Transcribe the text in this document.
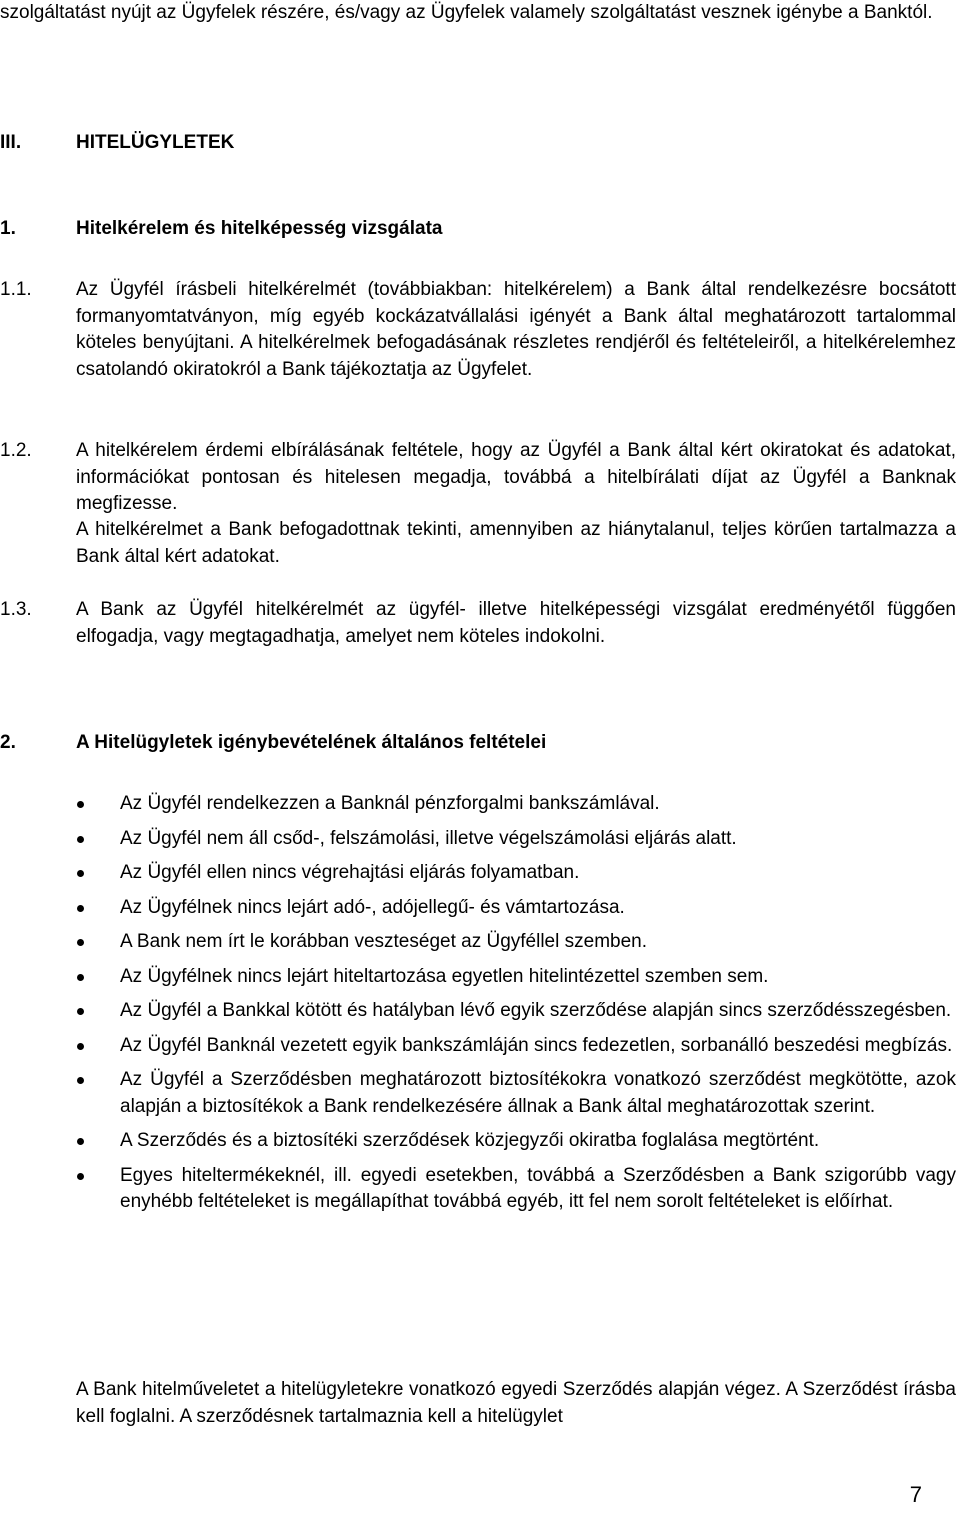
szolgáltatást nyújt az Ügyfelek részére, és/vagy az Ügyfelek valamely szolgáltatást vesznek igénybe a Banktól.
III.	HITELÜGYLETEK
1.	Hitelkérelem és hitelképesség vizsgálata
1.1. Az Ügyfél írásbeli hitelkérelmét (továbbiakban: hitelkérelem) a Bank által rendelkezésre bocsátott formanyomtatványon, míg egyéb kockázatvállalási igényét a Bank által meghatározott tartalommal köteles benyújtani. A hitelkérelmek befogadásának részletes rendjéről és feltételeiről, a hitelkérelemhez csatolandó okiratokról a Bank tájékoztatja az Ügyfelet.
1.2. A hitelkérelem érdemi elbírálásának feltétele, hogy az Ügyfél a Bank által kért okiratokat és adatokat, információkat pontosan és hitelesen megadja, továbbá a hitelbírálati díjat az Ügyfél a Banknak megfizesse.
A hitelkérelmet a Bank befogadottnak tekinti, amennyiben az hiánytalanul, teljes körűen tartalmazza a Bank által kért adatokat.
1.3. A Bank az Ügyfél hitelkérelmét az ügyfél- illetve hitelképességi vizsgálat eredményétől függően elfogadja, vagy megtagadhatja, amelyet nem köteles indokolni.
2.	A Hitelügyletek igénybevételének általános feltételei
Az Ügyfél rendelkezzen a Banknál pénzforgalmi bankszámlával.
Az Ügyfél nem áll csőd-, felszámolási, illetve végelszámolási eljárás alatt.
Az Ügyfél ellen nincs végrehajtási eljárás folyamatban.
Az Ügyfélnek nincs lejárt adó-, adójellegű- és vámtartozása.
A Bank nem írt le korábban veszteséget az Ügyféllel szemben.
Az Ügyfélnek nincs lejárt hiteltartozása egyetlen hitelintézettel szemben sem.
Az Ügyfél a Bankkal kötött és hatályban lévő egyik szerződése alapján sincs szerződésszegésben.
Az Ügyfél Banknál vezetett egyik bankszámláján sincs fedezetlen, sorbanálló beszedési megbízás.
Az Ügyfél a Szerződésben meghatározott biztosítékokra vonatkozó szerződést megkötötte, azok alapján a biztosítékok a Bank rendelkezésére állnak a Bank által meghatározottak szerint.
A Szerződés és a biztosítéki szerződések közjegyzői okiratba foglalása megtörtént.
Egyes hiteltermékeknél, ill. egyedi esetekben, továbbá a Szerződésben a Bank szigorúbb vagy enyhébb feltételeket is megállapíthat továbbá egyéb, itt fel nem sorolt feltételeket is előírhat.
A Bank hitelműveletet a hitelügyletekre vonatkozó egyedi Szerződés alapján végez. A Szerződést írásba kell foglalni. A szerződésnek tartalmaznia kell a hitelügylet
7
